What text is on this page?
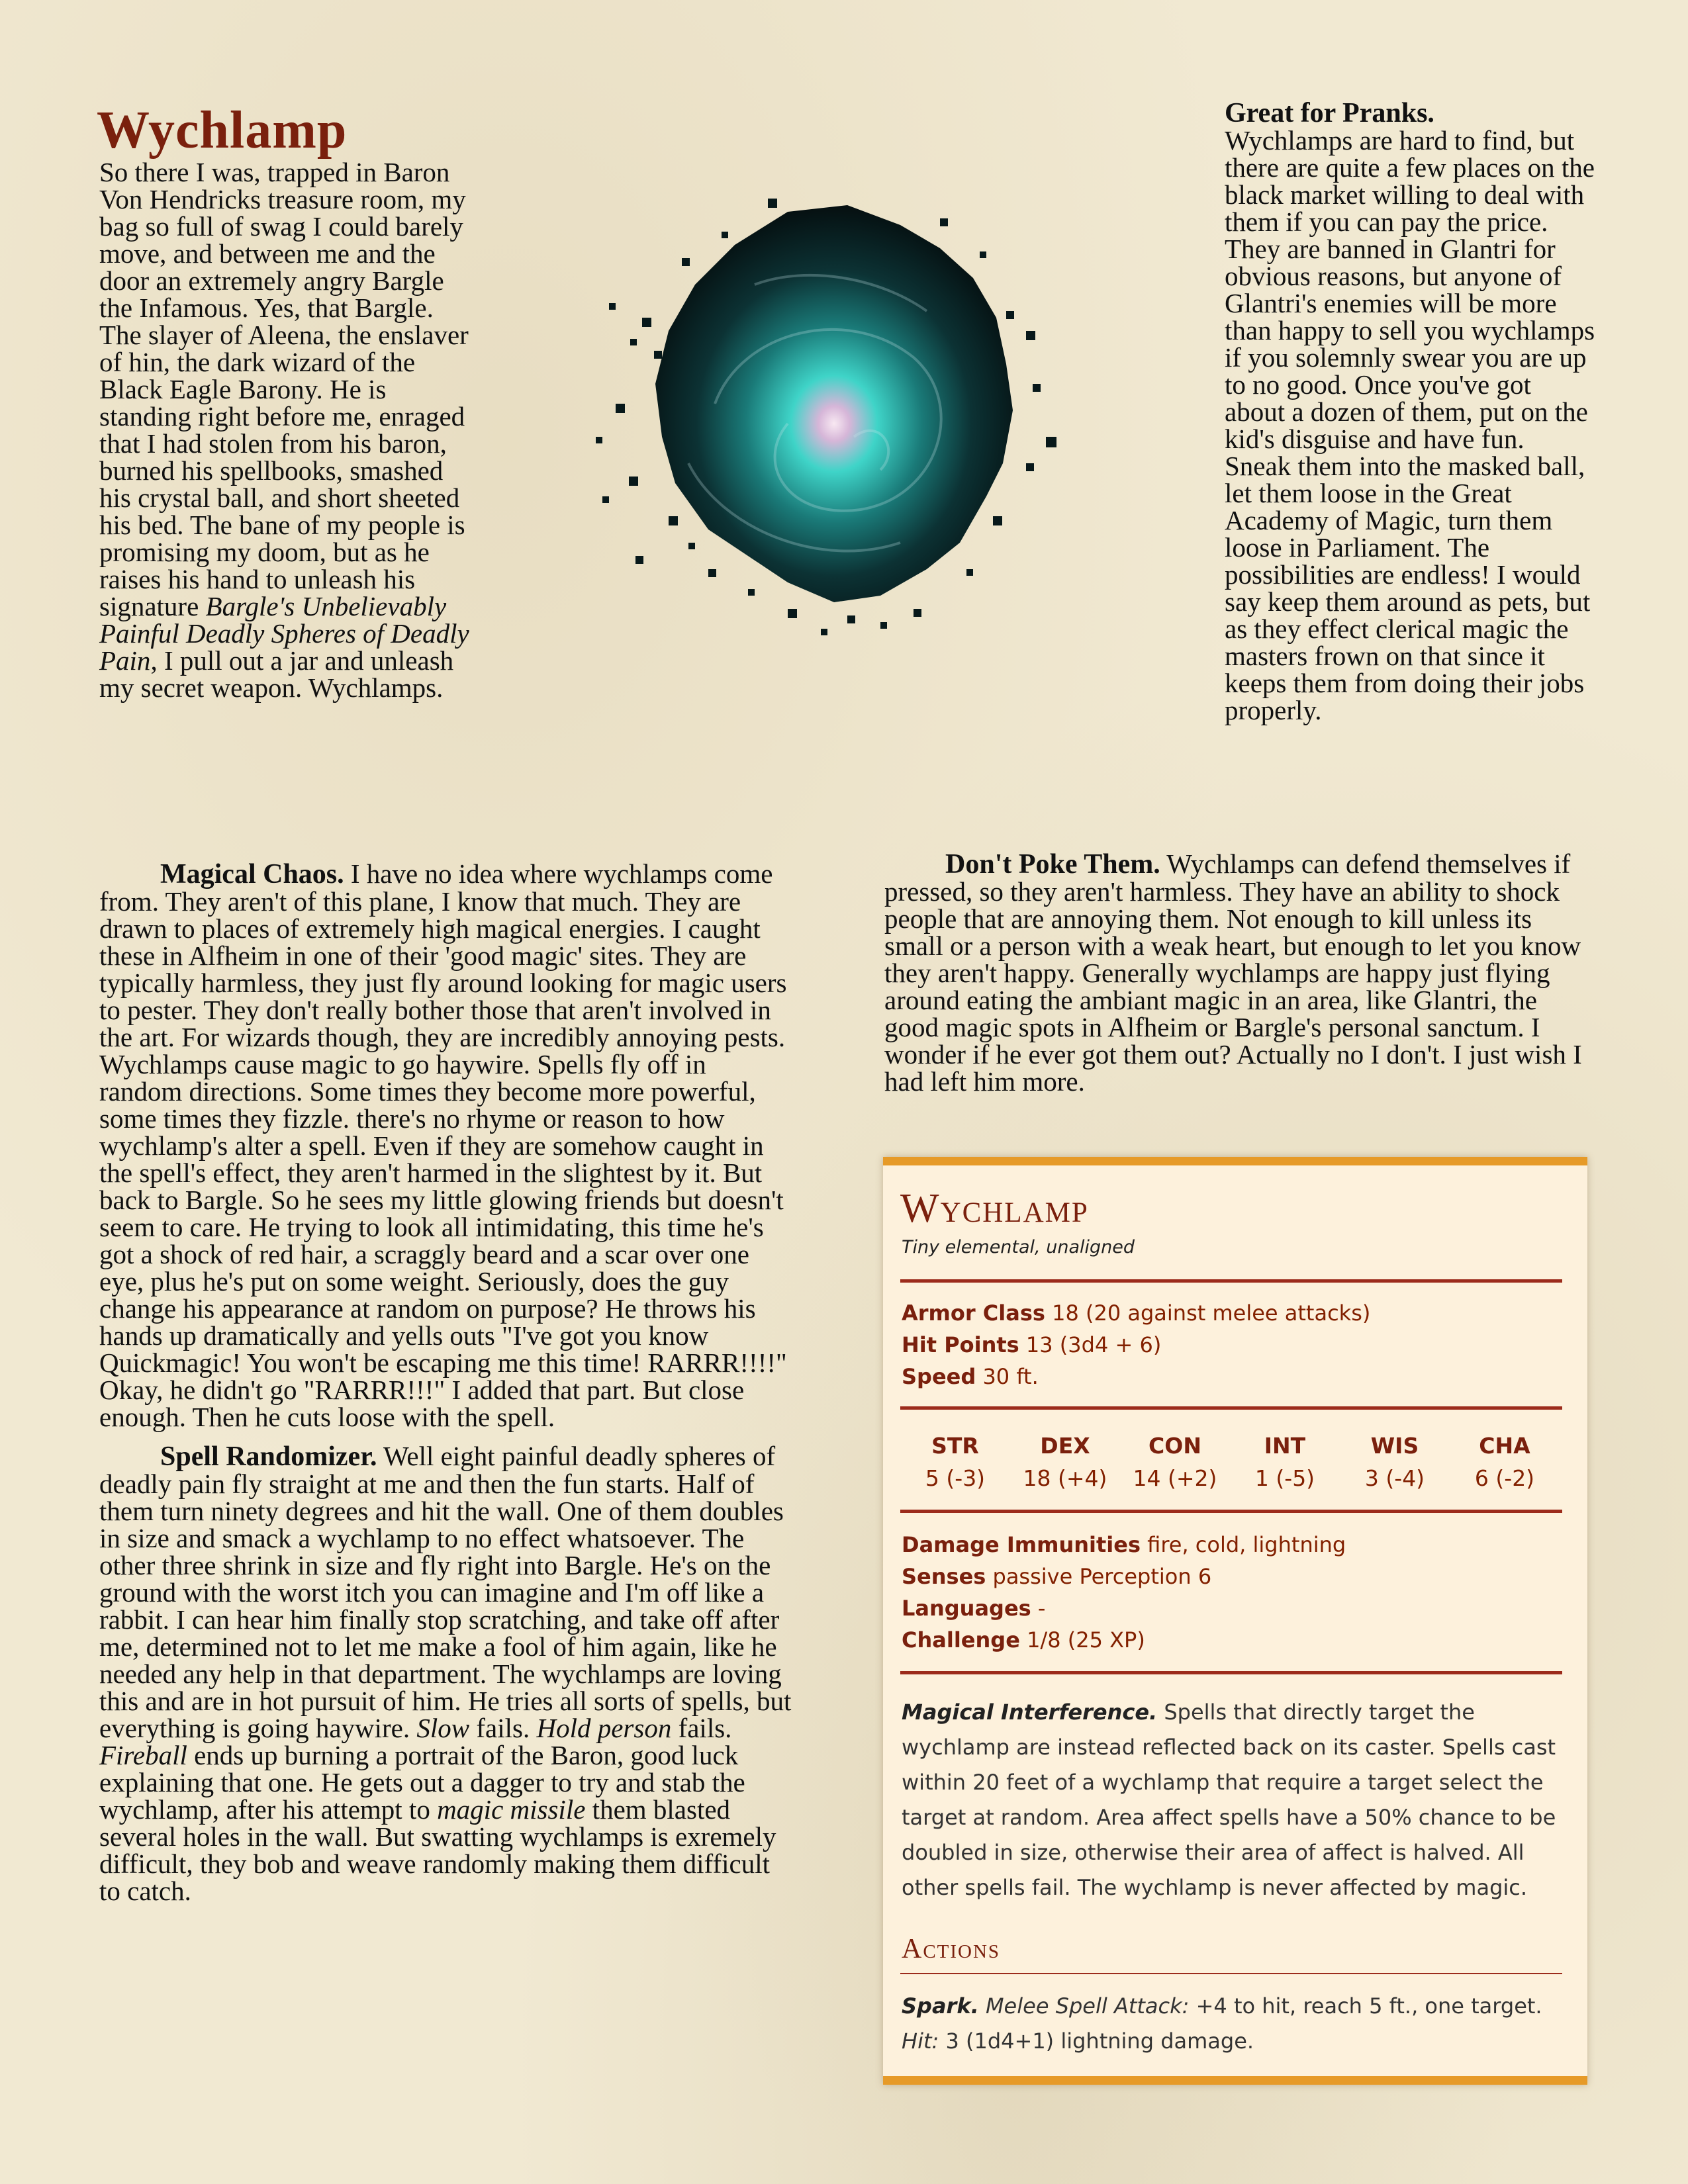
Wychlamp

So there I was, trapped in Baron Von Hendricks treasure room, my bag so full of swag I could barely move, and between me and the door an extremely angry Bargle the Infamous. Yes, that Bargle. The slayer of Aleena, the enslaver of hin, the dark wizard of the Black Eagle Barony. He is standing right before me, enraged that I had stolen from his baron, burned his spellbooks, smashed his crystal ball, and short sheeted his bed. The bane of my people is promising my doom, but as he raises his hand to unleash his signature Bargle's Unbelievably Painful Deadly Spheres of Deadly Pain, I pull out a jar and unleash my secret weapon. Wychlamps.

Great for Pranks.
Wychlamps are hard to find, but there are quite a few places on the black market willing to deal with them if you can pay the price. They are banned in Glantri for obvious reasons, but anyone of Glantri's enemies will be more than happy to sell you wychlamps if you solemnly swear you are up to no good. Once you've got about a dozen of them, put on the kid's disguise and have fun. Sneak them into the masked ball, let them loose in the Great Academy of Magic, turn them loose in Parliament. The possibilities are endless! I would say keep them around as pets, but as they effect clerical magic the masters frown on that since it keeps them from doing their jobs properly.

Magical Chaos. I have no idea where wychlamps come from. They aren't of this plane, I know that much. They are drawn to places of extremely high magical energies. I caught these in Alfheim in one of their 'good magic' sites. They are typically harmless, they just fly around looking for magic users to pester. They don't really bother those that aren't involved in the art. For wizards though, they are incredibly annoying pests. Wychlamps cause magic to go haywire. Spells fly off in random directions. Some times they become more powerful, some times they fizzle. there's no rhyme or reason to how wychlamp's alter a spell. Even if they are somehow caught in the spell's effect, they aren't harmed in the slightest by it. But back to Bargle. So he sees my little glowing friends but doesn't seem to care. He trying to look all intimidating, this time he's got a shock of red hair, a scraggly beard and a scar over one eye, plus he's put on some weight. Seriously, does the guy change his appearance at random on purpose? He throws his hands up dramatically and yells outs "I've got you know Quickmagic! You won't be escaping me this time! RARRR!!!!" Okay, he didn't go "RARRR!!!" I added that part. But close enough. Then he cuts loose with the spell.

Spell Randomizer. Well eight painful deadly spheres of deadly pain fly straight at me and then the fun starts. Half of them turn ninety degrees and hit the wall. One of them doubles in size and smack a wychlamp to no effect whatsoever. The other three shrink in size and fly right into Bargle. He's on the ground with the worst itch you can imagine and I'm off like a rabbit. I can hear him finally stop scratching, and take off after me, determined not to let me make a fool of him again, like he needed any help in that department. The wychlamps are loving this and are in hot pursuit of him. He tries all sorts of spells, but everything is going haywire. Slow fails. Hold person fails. Fireball ends up burning a portrait of the Baron, good luck explaining that one. He gets out a dagger to try and stab the wychlamp, after his attempt to magic missile them blasted several holes in the wall. But swatting wychlamps is exremely difficult, they bob and weave randomly making them difficult to catch.

Don't Poke Them. Wychlamps can defend themselves if pressed, so they aren't harmless. They have an ability to shock people that are annoying them. Not enough to kill unless its small or a person with a weak heart, but enough to let you know they aren't happy. Generally wychlamps are happy just flying around eating the ambiant magic in an area, like Glantri, the good magic spots in Alfheim or Bargle's personal sanctum. I wonder if he ever got them out? Actually no I don't. I just wish I had left him more.

Wychlamp
Tiny elemental, unaligned
Armor Class 18 (20 against melee attacks)
Hit Points 13 (3d4 + 6)
Speed 30 ft.
STR
5 (-3)
DEX
18 (+4)
CON
14 (+2)
INT
1 (-5)
WIS
3 (-4)
CHA
6 (-2)
Damage Immunities fire, cold, lightning
Senses passive Perception 6
Languages -
Challenge 1/8 (25 XP)
Magical Interference. Spells that directly target the wychlamp are instead reflected back on its caster. Spells cast within 20 feet of a wychlamp that require a target select the target at random. Area affect spells have a 50% chance to be doubled in size, otherwise their area of affect is halved. All other spells fail. The wychlamp is never affected by magic.
Actions
Spark. Melee Spell Attack: +4 to hit, reach 5 ft., one target. Hit: 3 (1d4+1) lightning damage.
